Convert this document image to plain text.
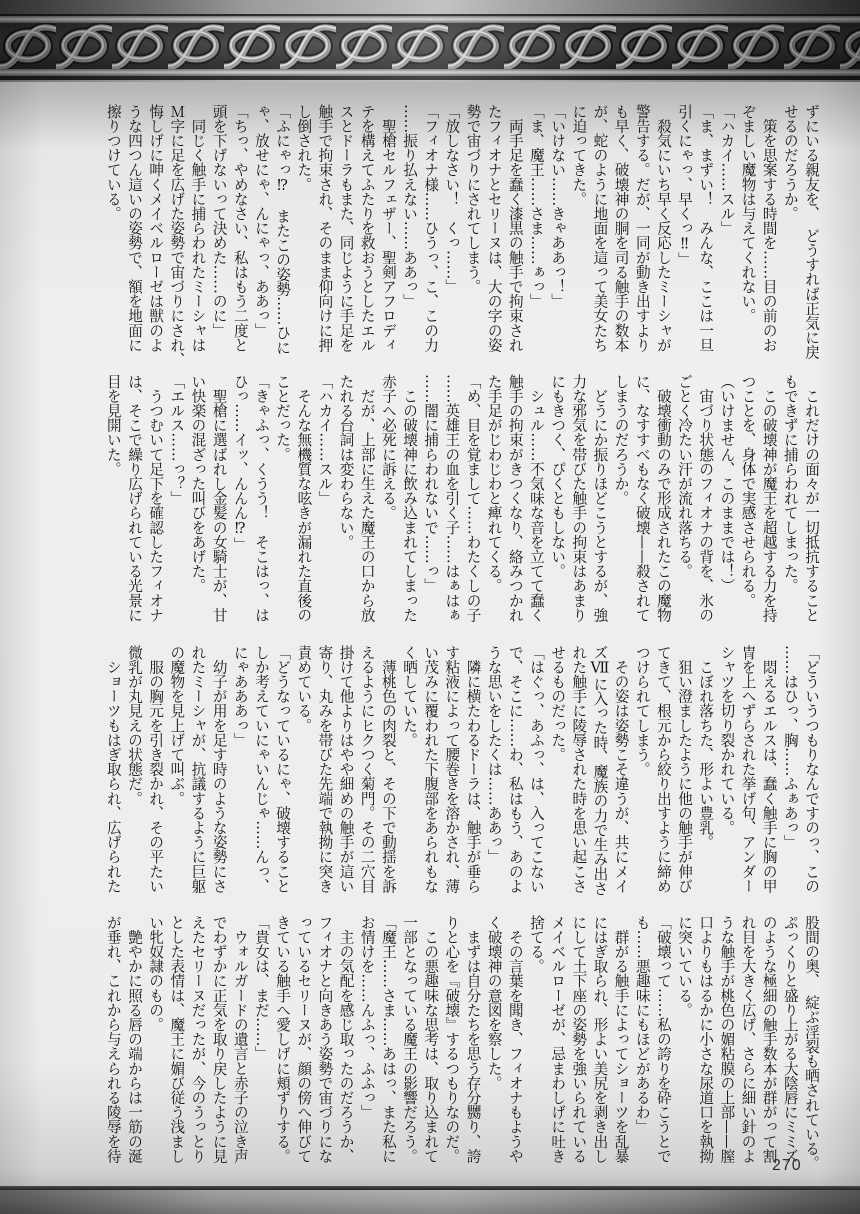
ずにいる親友を、　どうすれば正気に戻
せるのだろうか。
　策を思案する時間を……目の前のお
ぞましい魔物は与えてくれない。
「ハカイ……スル」
「ま、まずい！　みんな、ここは一旦
引くにゃっ、早くっ‼」
　殺気にいち早く反応したミーシャが
警告する。だが、一同が動き出すより
も早く、破壊神の胴を司る触手の数本
が、蛇のように地面を這って美女たち
に迫ってきた。
「いけない……きゃああっ！」
「ま、魔王……さま……ぁっ」
　両手足を蠢く漆黒の触手で拘束され
たフィオナとセリーヌは、大の字の姿
勢で宙づりにされてしまう。
「放しなさい！　くっ……」
「フィオナ様……ひうっ、こ、この力
……振り払えない……ああっ」
　聖槍セルフェザー、聖剣アフロディ
テを構えてふたりを救おうとしたエル
スとドーラもまた、同じように手足を
触手で拘束され、そのまま仰向けに押
し倒された。
「ふにゃっ⁉　またこの姿勢……ひに
ゃ、放せにゃ、んにゃっ、ああっ」
「ちっ、やめなさい、私はもう二度と
頭を下げないって決めた……のに」
　同じく触手に捕らわれたミーシャは
Ｍ字に足を広げた姿勢で宙づりにされ、
悔しげに呻くメイベルローゼは獣のよ
うな四つん這いの姿勢で、額を地面に
擦りつけている。
　これだけの面々が一切抵抗すること
もできずに捕らわれてしまった。
　この破壊神が魔王を超越する力を持
つことを、身体で実感させられる。
（いけません、このままでは！）
　宙づり状態のフィオナの背を、氷の
ごとく冷たい汗が流れ落ちる。
　破壊衝動のみで形成されたこの魔物
に、なすすべもなく破壊——殺されて
しまうのだろうか。
　どうにか振りほどこうとするが、強
力な邪気を帯びた触手の拘束はあまり
にもきつく、ぴくともしない。
　シュル……不気味な音を立てて蠢く
触手の拘束がきつくなり、絡みつかれ
た手足がじわじわと痺れてくる。
「め、目を覚まして……わたくしの子
……英雄王の血を引く子……はぁはぁ
……闇に捕らわれないで……っ」
　この破壊神に飲み込まれてしまった
赤子へ必死に訴える。
　だが、上部に生えた魔王の口から放
たれる台詞は変わらない。
「ハカイ……スル」
　そんな無機質な呟きが漏れた直後の
ことだった。
「きゃふっ、くうう！　そこはっ、は
ひっ……イッ、んんん⁉」
　聖槍に選ばれし金髪の女騎士が、甘
い快楽の混ざった叫びをあげた。
「エルス……っ？」
　うつむいて足下を確認したフィオナ
は、そこで繰り広げられている光景に
目を見開いた。
「どういうつもりなんですのっ、この
……はひっ、胸……ふぁあっ」
　悶えるエルスは、蠢く触手に胸の甲
冑を上へずらされた挙げ句、アンダー
シャツを切り裂かれている。
　こぼれ落ちた、形よい豊乳。
　狙い澄ましたように他の触手が伸び
てきて、根元から絞り出すように締め
つけられてしまう。
　その姿は姿勢こそ違うが、共にメイ
ズⅦに入った時、魔族の力で生み出さ
れた触手に陵辱された時を思い起こさ
せるものだった。
「はぐっ、あふっ、は、入ってこない
で、そこに……わ、私はもう、あのよ
うな思いをしたくは……ああっ」
　隣に横たわるドーラは、触手が垂ら
す粘液によって腰巻きを溶かされ、薄
い茂みに覆われた下腹部をあられもな
く晒していた。
　薄桃色の肉裂と、その下で動揺を訴
えるようにヒクつく菊門。その二穴目
掛けて他よりはやや細めの触手が這い
寄り、丸みを帯びた先端で執拗に突き
責めている。
「どうなっているにゃ、破壊すること
しか考えていにゃいんじゃ……んっ、
にゃあああっ」
　幼子が用を足す時のような姿勢にさ
れたミーシャが、抗議するように巨躯
の魔物を見上げて叫ぶ。
　服の胸元を引き裂かれ、その平たい
微乳が丸見えの状態だ。
　ショーツもはぎ取られ、広げられた
股間の奥、　綻ぶ淫裂も晒されている。
ぷっくりと盛り上がる大陰唇にミミズ
のような極細の触手数本が群がって割
れ目を大きく広げ、さらに細い針のよ
うな触手が桃色の媚粘膜の上部——膣
口よりもはるかに小さな尿道口を執拗
に突いている。
「破壊って……私の誇りを砕こうとで
も……悪趣味にもほどがあるわ」
　群がる触手によってショーツを乱暴
にはぎ取られ、形よい美尻を剥き出し
にして土下座の姿勢を強いられている
メイベルローゼが、忌まわしげに吐き
捨てる。
　その言葉を聞き、フィオナもようや
く破壊神の意図を察した。
　まずは自分たちを思う存分嬲り、誇
りと心を『破壊』するつもりなのだ。
　この悪趣味な思考は、取り込まれて
一部となっている魔王の影響だろう。
「魔王……さま……あはっ、また私に
お情けを……んふっ、ふふっ」
　主の気配を感じ取ったのだろうか、
フィオナと向きあう姿勢で宙づりにな
っているセリーヌが、顔の傍へ伸びて
きている触手へ愛しげに頬ずりする。
「貴女は、まだ……」
　ウォルガードの遺言と赤子の泣き声
でわずかに正気を取り戻したように見
えたセリーヌだったが、今のうっとり
とした表情は、魔王に媚び従う浅まし
い牝奴隷のもの。
　艶やかに照る唇の端からは一筋の涎
が垂れ、これから与えられる陵辱を待
270
